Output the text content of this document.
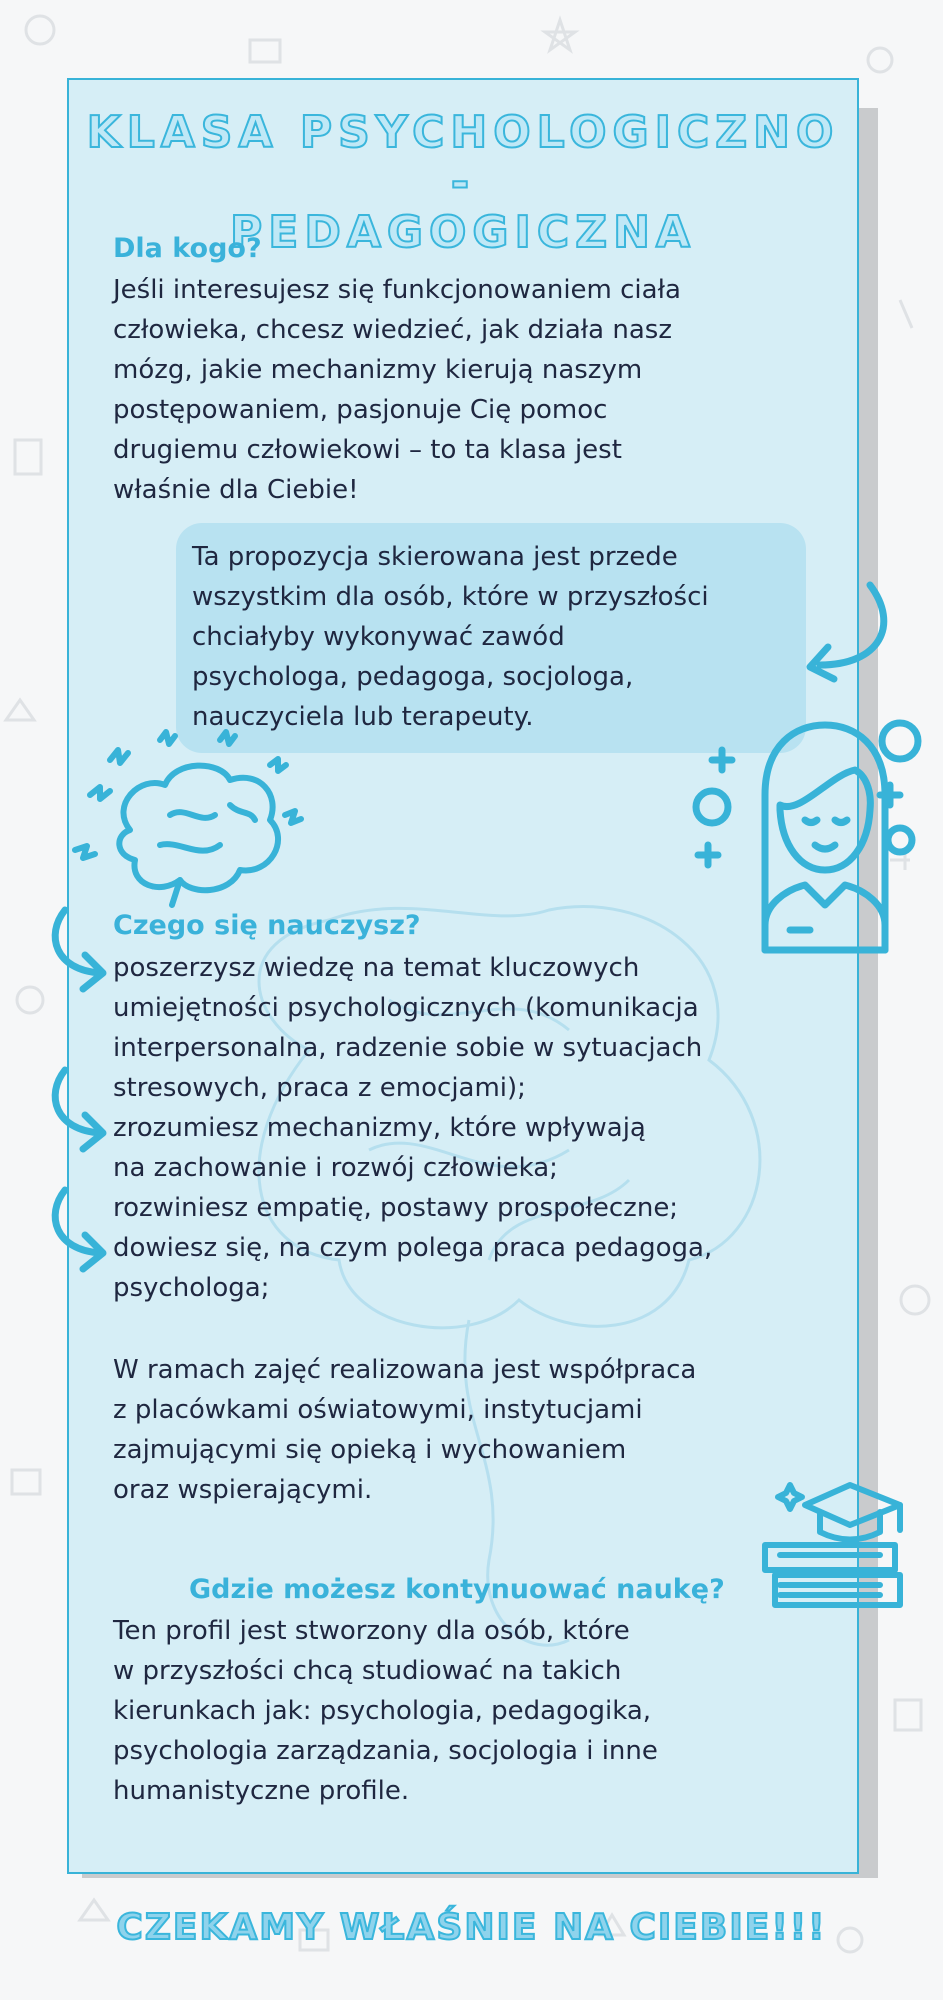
KLASA PSYCHOLOGICZNO -
PEDAGOGICZNA
Dla kogo?
Jeśli interesujesz się funkcjonowaniem ciała
człowieka, chcesz wiedzieć, jak działa nasz
mózg, jakie mechanizmy kierują naszym
postępowaniem, pasjonuje Cię pomoc
drugiemu człowiekowi – to ta klasa jest
właśnie dla Ciebie!
Czego się nauczysz?
poszerzysz wiedzę na temat kluczowych
umiejętności psychologicznych (komunikacja
interpersonalna, radzenie sobie w sytuacjach
stresowych, praca z emocjami);
zrozumiesz mechanizmy, które wpływają
na zachowanie i rozwój człowieka;
rozwiniesz empatię, postawy prospołeczne;
dowiesz się, na czym polega praca pedagoga,
psychologa;
W ramach zajęć realizowana jest współpraca
z placówkami oświatowymi, instytucjami
zajmującymi się opieką i wychowaniem
oraz wspierającymi.
Gdzie możesz kontynuować naukę?
Ten profil jest stworzony dla osób, które
w przyszłości chcą studiować na takich
kierunkach jak: psychologia, pedagogika,
psychologia zarządzania, socjologia i inne
humanistyczne profile.
Ta propozycja skierowana jest przede
wszystkim dla osób, które w przyszłości
chciałyby wykonywać zawód
psychologa, pedagoga, socjologa,
nauczyciela lub terapeuty.
CZEKAMY WŁAŚNIE NA CIEBIE!!!
